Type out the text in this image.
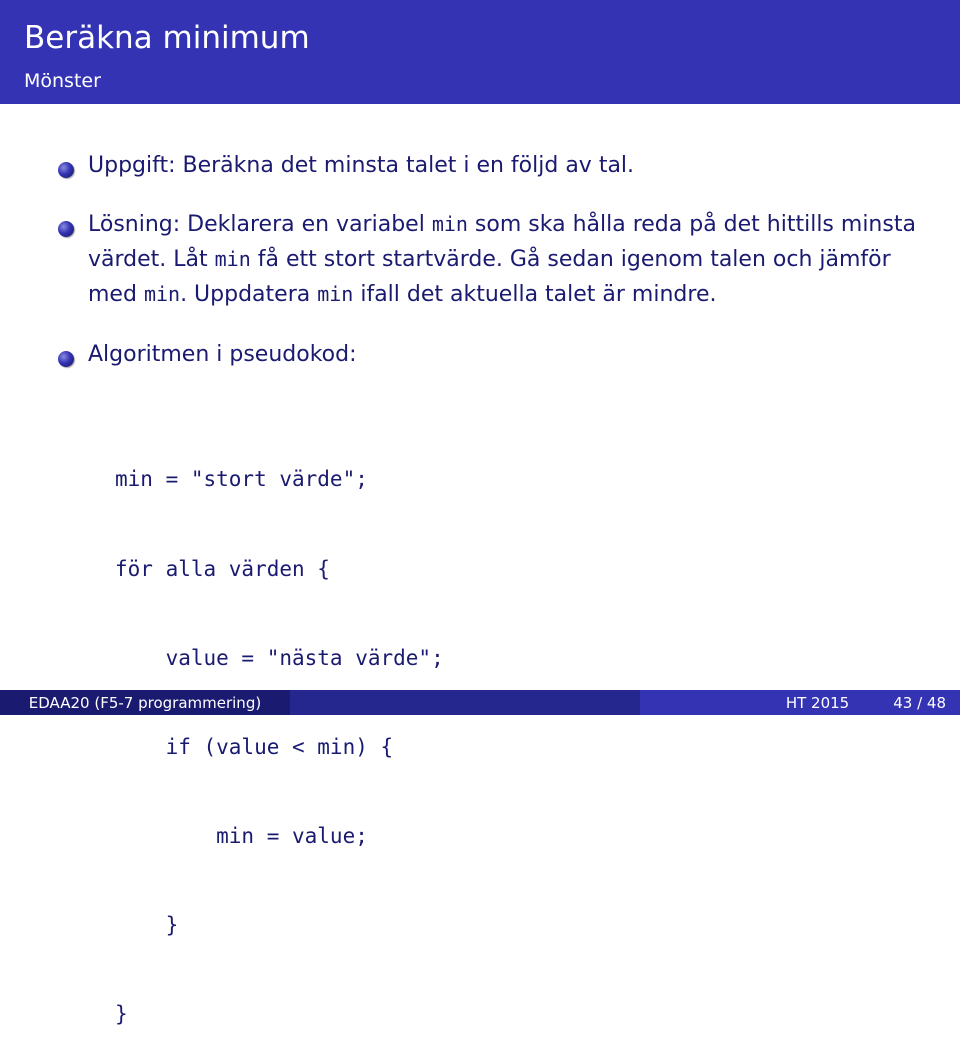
Beräkna minimum
Mönster
Uppgift: Beräkna det minsta talet i en följd av tal.
Lösning: Deklarera en variabel min som ska hålla reda på det hittills minsta värdet. Låt min få ett stort startvärde. Gå sedan igenom talen och jämför med min. Uppdatera min ifall det aktuella talet är mindre.
Algoritmen i pseudokod:

min = "stort värde";

för alla värden {

value = "nästa värde";

if (value < min) {

min = value;

}

}

EDAA20 (F5-7 programmering)	HT 2015	43 / 48
